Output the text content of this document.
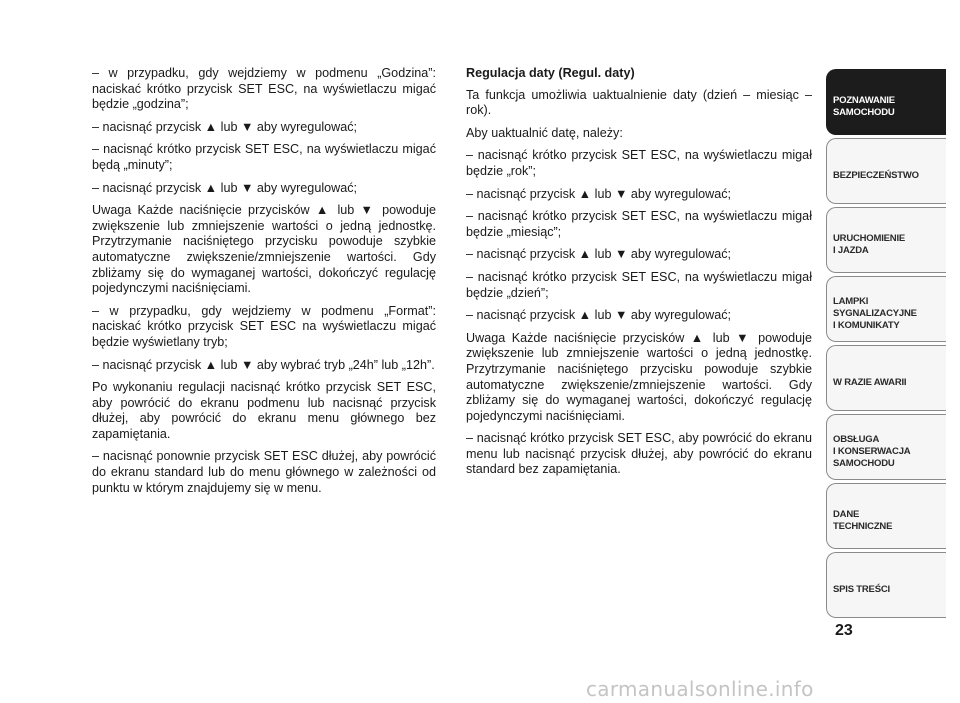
– w przypadku, gdy wejdziemy w podmenu „Godzina”: naciskać krótko przycisk SET ESC, na wyświetlaczu migać będzie „godzina”;

– nacisnąć przycisk ▲ lub ▼ aby wyregulować;

– nacisnąć krótko przycisk SET ESC, na wyświetlaczu migać będą „minuty”;

– nacisnąć przycisk ▲ lub ▼ aby wyregulować;

Uwaga Każde naciśnięcie przycisków ▲ lub ▼ powoduje zwiększenie lub zmniejszenie wartości o jedną jednostkę. Przytrzymanie naciśniętego przycisku powoduje szybkie automatyczne zwiększenie/zmniejszenie wartości. Gdy zbliżamy się do wymaganej wartości, dokończyć regulację pojedynczymi naciśnięciami.

– w przypadku, gdy wejdziemy w podmenu „Format”: naciskać krótko przycisk SET ESC na wyświetlaczu migać będzie wyświetlany tryb;

– nacisnąć przycisk ▲ lub ▼ aby wybrać tryb „24h” lub „12h”.

Po wykonaniu regulacji nacisnąć krótko przycisk SET ESC, aby powrócić do ekranu podmenu lub nacisnąć przycisk dłużej, aby powrócić do ekranu menu głównego bez zapamiętania.

– nacisnąć ponownie przycisk SET ESC dłużej, aby powrócić do ekranu standard lub do menu głównego w zależności od punktu w którym znajdujemy się w menu.

Regulacja daty (Regul. daty)

Ta funkcja umożliwia uaktualnienie daty (dzień – miesiąc – rok).

Aby uaktualnić datę, należy:

– nacisnąć krótko przycisk SET ESC, na wyświetlaczu migał będzie „rok”;

– nacisnąć przycisk ▲ lub ▼ aby wyregulować;

– nacisnąć krótko przycisk SET ESC, na wyświetlaczu migał będzie „miesiąc”;

– nacisnąć przycisk ▲ lub ▼ aby wyregulować;

– nacisnąć krótko przycisk SET ESC, na wyświetlaczu migał będzie „dzień”;

– nacisnąć przycisk ▲ lub ▼ aby wyregulować;

Uwaga Każde naciśnięcie przycisków ▲ lub ▼ powoduje zwiększenie lub zmniejszenie wartości o jedną jednostkę. Przytrzymanie naciśniętego przycisku powoduje szybkie automatyczne zwiększenie/zmniejszenie wartości. Gdy zbliżamy się do wymaganej wartości, dokończyć regulację pojedynczymi naciśnięciami.

– nacisnąć krótko przycisk SET ESC, aby powrócić do ekranu menu lub nacisnąć przycisk dłużej, aby powrócić do ekranu standard bez zapamiętania.

POZNAWANIE
SAMOCHODU
BEZPIECZEŃSTWO
URUCHOMIENIE
I JAZDA
LAMPKI
SYGNALIZACYJNE
I KOMUNIKATY
W RAZIE AWARII
OBSŁUGA
I KONSERWACJA
SAMOCHODU
DANE
TECHNICZNE
SPIS TREŚCI
23
carmanualsonline.info
